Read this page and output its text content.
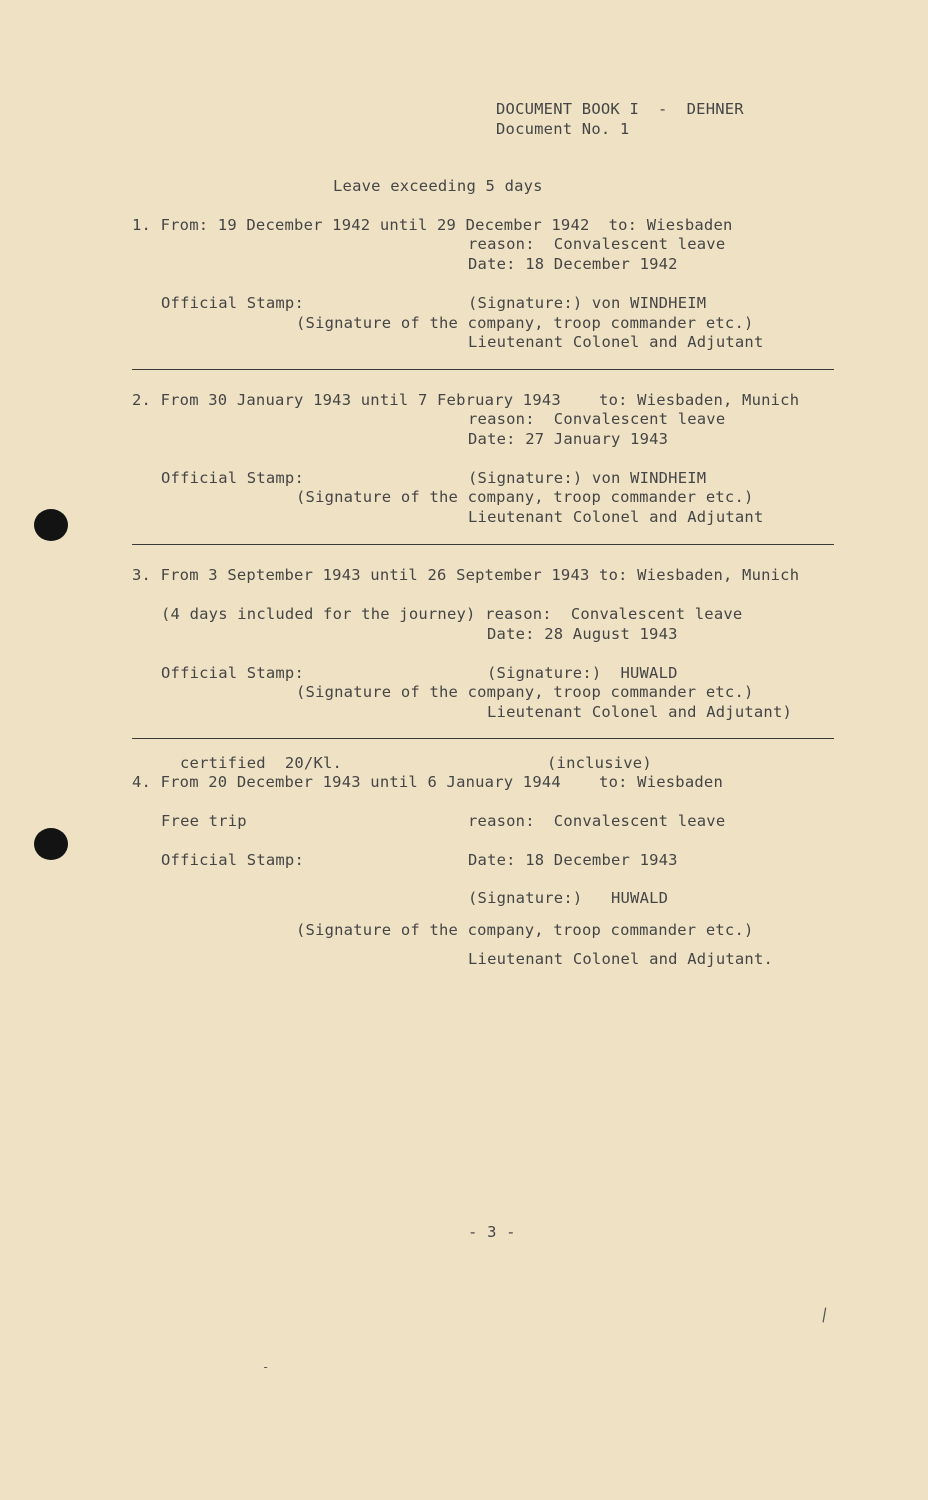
DOCUMENT BOOK I  -  DEHNER
Document No. 1
Leave exceeding 5 days
1. From: 19 December 1942 until 29 December 1942  to: Wiesbaden
reason:  Convalescent leave
Date: 18 December 1942
Official Stamp:	(Signature:) von WINDHEIM
(Signature of the company, troop commander etc.)
Lieutenant Colonel and Adjutant
2. From 30 January 1943 until 7 February 1943    to: Wiesbaden, Munich
reason:  Convalescent leave
Date: 27 January 1943
Official Stamp:	(Signature:) von WINDHEIM
(Signature of the company, troop commander etc.)
Lieutenant Colonel and Adjutant
3. From 3 September 1943 until 26 September 1943 to: Wiesbaden, Munich
(4 days included for the journey) reason:  Convalescent leave
Date: 28 August 1943
Official Stamp:	(Signature:)  HUWALD
(Signature of the company, troop commander etc.)
Lieutenant Colonel and Adjutant)
certified  20/Kl.	(inclusive)
4. From 20 December 1943 until 6 January 1944    to: Wiesbaden
Free trip	reason:  Convalescent leave
Official Stamp:	Date: 18 December 1943
(Signature:)   HUWALD
(Signature of the company, troop commander etc.)
Lieutenant Colonel and Adjutant.
- 3 -
|
-
